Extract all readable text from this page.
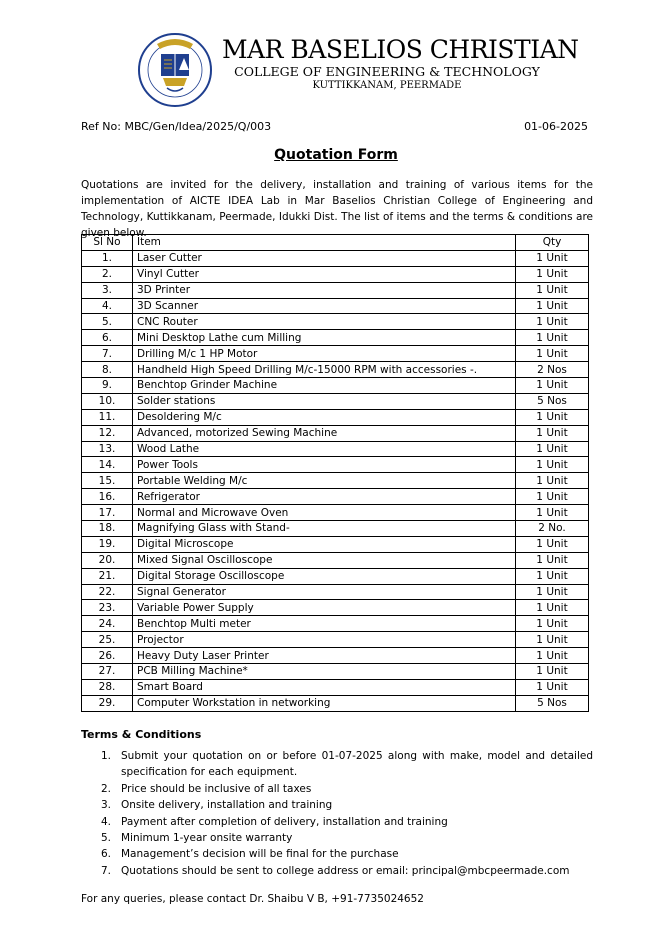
MAR BASELIOS CHRISTIAN
COLLEGE OF ENGINEERING & TECHNOLOGY
KUTTIKKANAM, PEERMADE
Ref No: MBC/Gen/Idea/2025/Q/003	01-06-2025
Quotation Form
Quotations are invited for the delivery, installation and training of various items for the implementation of AICTE IDEA Lab in Mar Baselios Christian College of Engineering and Technology, Kuttikkanam, Peermade, Idukki Dist. The list of items and the terms & conditions are given below.
Sl No	Item	Qty
1.	Laser Cutter	1 Unit
2.	Vinyl Cutter	1 Unit
3.	3D Printer	1 Unit
4.	3D Scanner	1 Unit
5.	CNC Router	1 Unit
6.	Mini Desktop Lathe cum Milling	1 Unit
7.	Drilling M/c 1 HP Motor	1 Unit
8.	Handheld High Speed Drilling M/c-15000 RPM with accessories -.	2 Nos
9.	Benchtop Grinder Machine	1 Unit
10.	Solder stations	5 Nos
11.	Desoldering M/c	1 Unit
12.	Advanced, motorized Sewing Machine	1 Unit
13.	Wood Lathe	1 Unit
14.	Power Tools	1 Unit
15.	Portable Welding M/c	1 Unit
16.	Refrigerator	1 Unit
17.	Normal and Microwave Oven	1 Unit
18.	Magnifying Glass with Stand-	2 No.
19.	Digital Microscope	1 Unit
20.	Mixed Signal Oscilloscope	1 Unit
21.	Digital Storage Oscilloscope	1 Unit
22.	Signal Generator	1 Unit
23.	Variable Power Supply	1 Unit
24.	Benchtop Multi meter	1 Unit
25.	Projector	1 Unit
26.	Heavy Duty Laser Printer	1 Unit
27.	PCB Milling Machine*	1 Unit
28.	Smart Board	1 Unit
29.	Computer Workstation in networking	5 Nos
Terms & Conditions
1. Submit your quotation on or before 01-07-2025 along with make, model and detailed specification for each equipment.
2. Price should be inclusive of all taxes
3. Onsite delivery, installation and training
4. Payment after completion of delivery, installation and training
5. Minimum 1-year onsite warranty
6. Management’s decision will be final for the purchase
7. Quotations should be sent to college address or email: principal@mbcpeermade.com
For any queries, please contact Dr. Shaibu V B, +91-7735024652
